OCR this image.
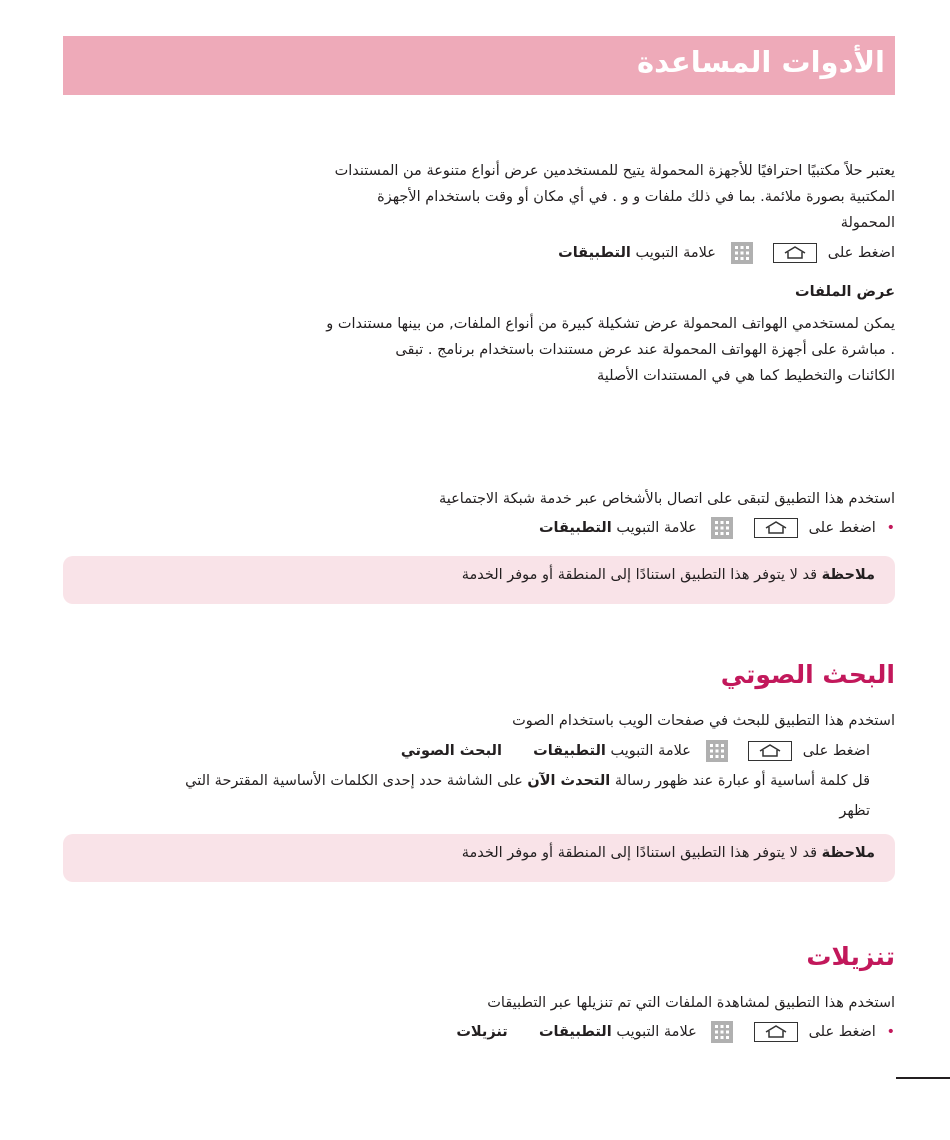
الأدوات المساعدة
يعتبر حلاً مكتبيًا احترافيًا للأجهزة المحمولة يتيح للمستخدمين عرض أنواع متنوعة من المستندات
المكتبية بصورة ملائمة. بما في ذلك ملفات و و . في أي مكان أو وقت باستخدام الأجهزة
المحمولة
اضغط على

علامة التبويب التطبيقات
عرض الملفات
يمكن لمستخدمي الهواتف المحمولة عرض تشكيلة كبيرة من أنواع الملفات, من بينها مستندات و
. مباشرة على أجهزة الهواتف المحمولة عند عرض مستندات باستخدام برنامج . تبقى
الكائنات والتخطيط كما هي في المستندات الأصلية
استخدم هذا التطبيق لتبقى على اتصال بالأشخاص عبر خدمة شبكة الاجتماعية
• اضغط على

علامة التبويب التطبيقات
ملاحظة قد لا يتوفر هذا التطبيق استنادًا إلى المنطقة أو موفر الخدمة
البحث الصوتي
استخدم هذا التطبيق للبحث في صفحات الويب باستخدام الصوت
اضغط على

علامة التبويب التطبيقات  البحث الصوتي
قل كلمة أساسية أو عبارة عند ظهور رسالة التحدث الآن على الشاشة حدد إحدى الكلمات الأساسية المقترحة التي
تظهر
ملاحظة قد لا يتوفر هذا التطبيق استنادًا إلى المنطقة أو موفر الخدمة
تنزيلات
استخدم هذا التطبيق لمشاهدة الملفات التي تم تنزيلها عبر التطبيقات
• اضغط على

علامة التبويب التطبيقات  تنزيلات
